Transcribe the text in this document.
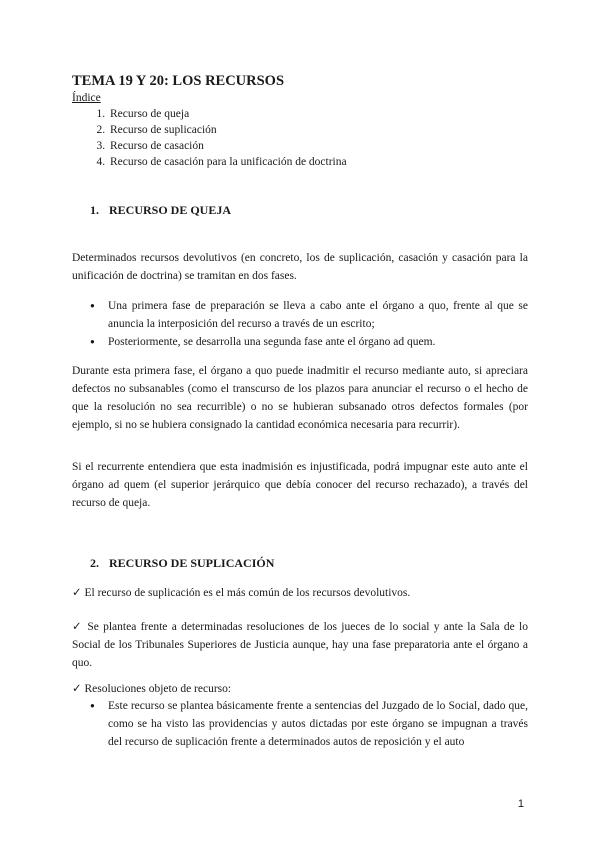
TEMA 19 Y 20: LOS RECURSOS
Índice
1. Recurso de queja
2. Recurso de suplicación
3. Recurso de casación
4. Recurso de casación para la unificación de doctrina
1. RECURSO DE QUEJA

Determinados recursos devolutivos (en concreto, los de suplicación, casación y casación para la unificación de doctrina) se tramitan en dos fases.

● Una primera fase de preparación se lleva a cabo ante el órgano a quo, frente al que se anuncia la interposición del recurso a través de un escrito;
● Posteriormente, se desarrolla una segunda fase ante el órgano ad quem.

Durante esta primera fase, el órgano a quo puede inadmitir el recurso mediante auto, si apreciara defectos no subsanables (como el transcurso de los plazos para anunciar el recurso o el hecho de que la resolución no sea recurrible) o no se hubieran subsanado otros defectos formales (por ejemplo, si no se hubiera consignado la cantidad económica necesaria para recurrir).

Si el recurrente entendiera que esta inadmisión es injustificada, podrá impugnar este auto ante el órgano ad quem (el superior jerárquico que debía conocer del recurso rechazado), a través del recurso de queja.

2. RECURSO DE SUPLICACIÓN

✓ El recurso de suplicación es el más común de los recursos devolutivos.

✓ Se plantea frente a determinadas resoluciones de los jueces de lo social y ante la Sala de lo Social de los Tribunales Superiores de Justicia aunque, hay una fase preparatoria ante el órgano a quo.

✓ Resoluciones objeto de recurso:

● Este recurso se plantea básicamente frente a sentencias del Juzgado de lo Social, dado que, como se ha visto las providencias y autos dictadas por este órgano se impugnan a través del recurso de suplicación frente a determinados autos de reposición y el auto
1
